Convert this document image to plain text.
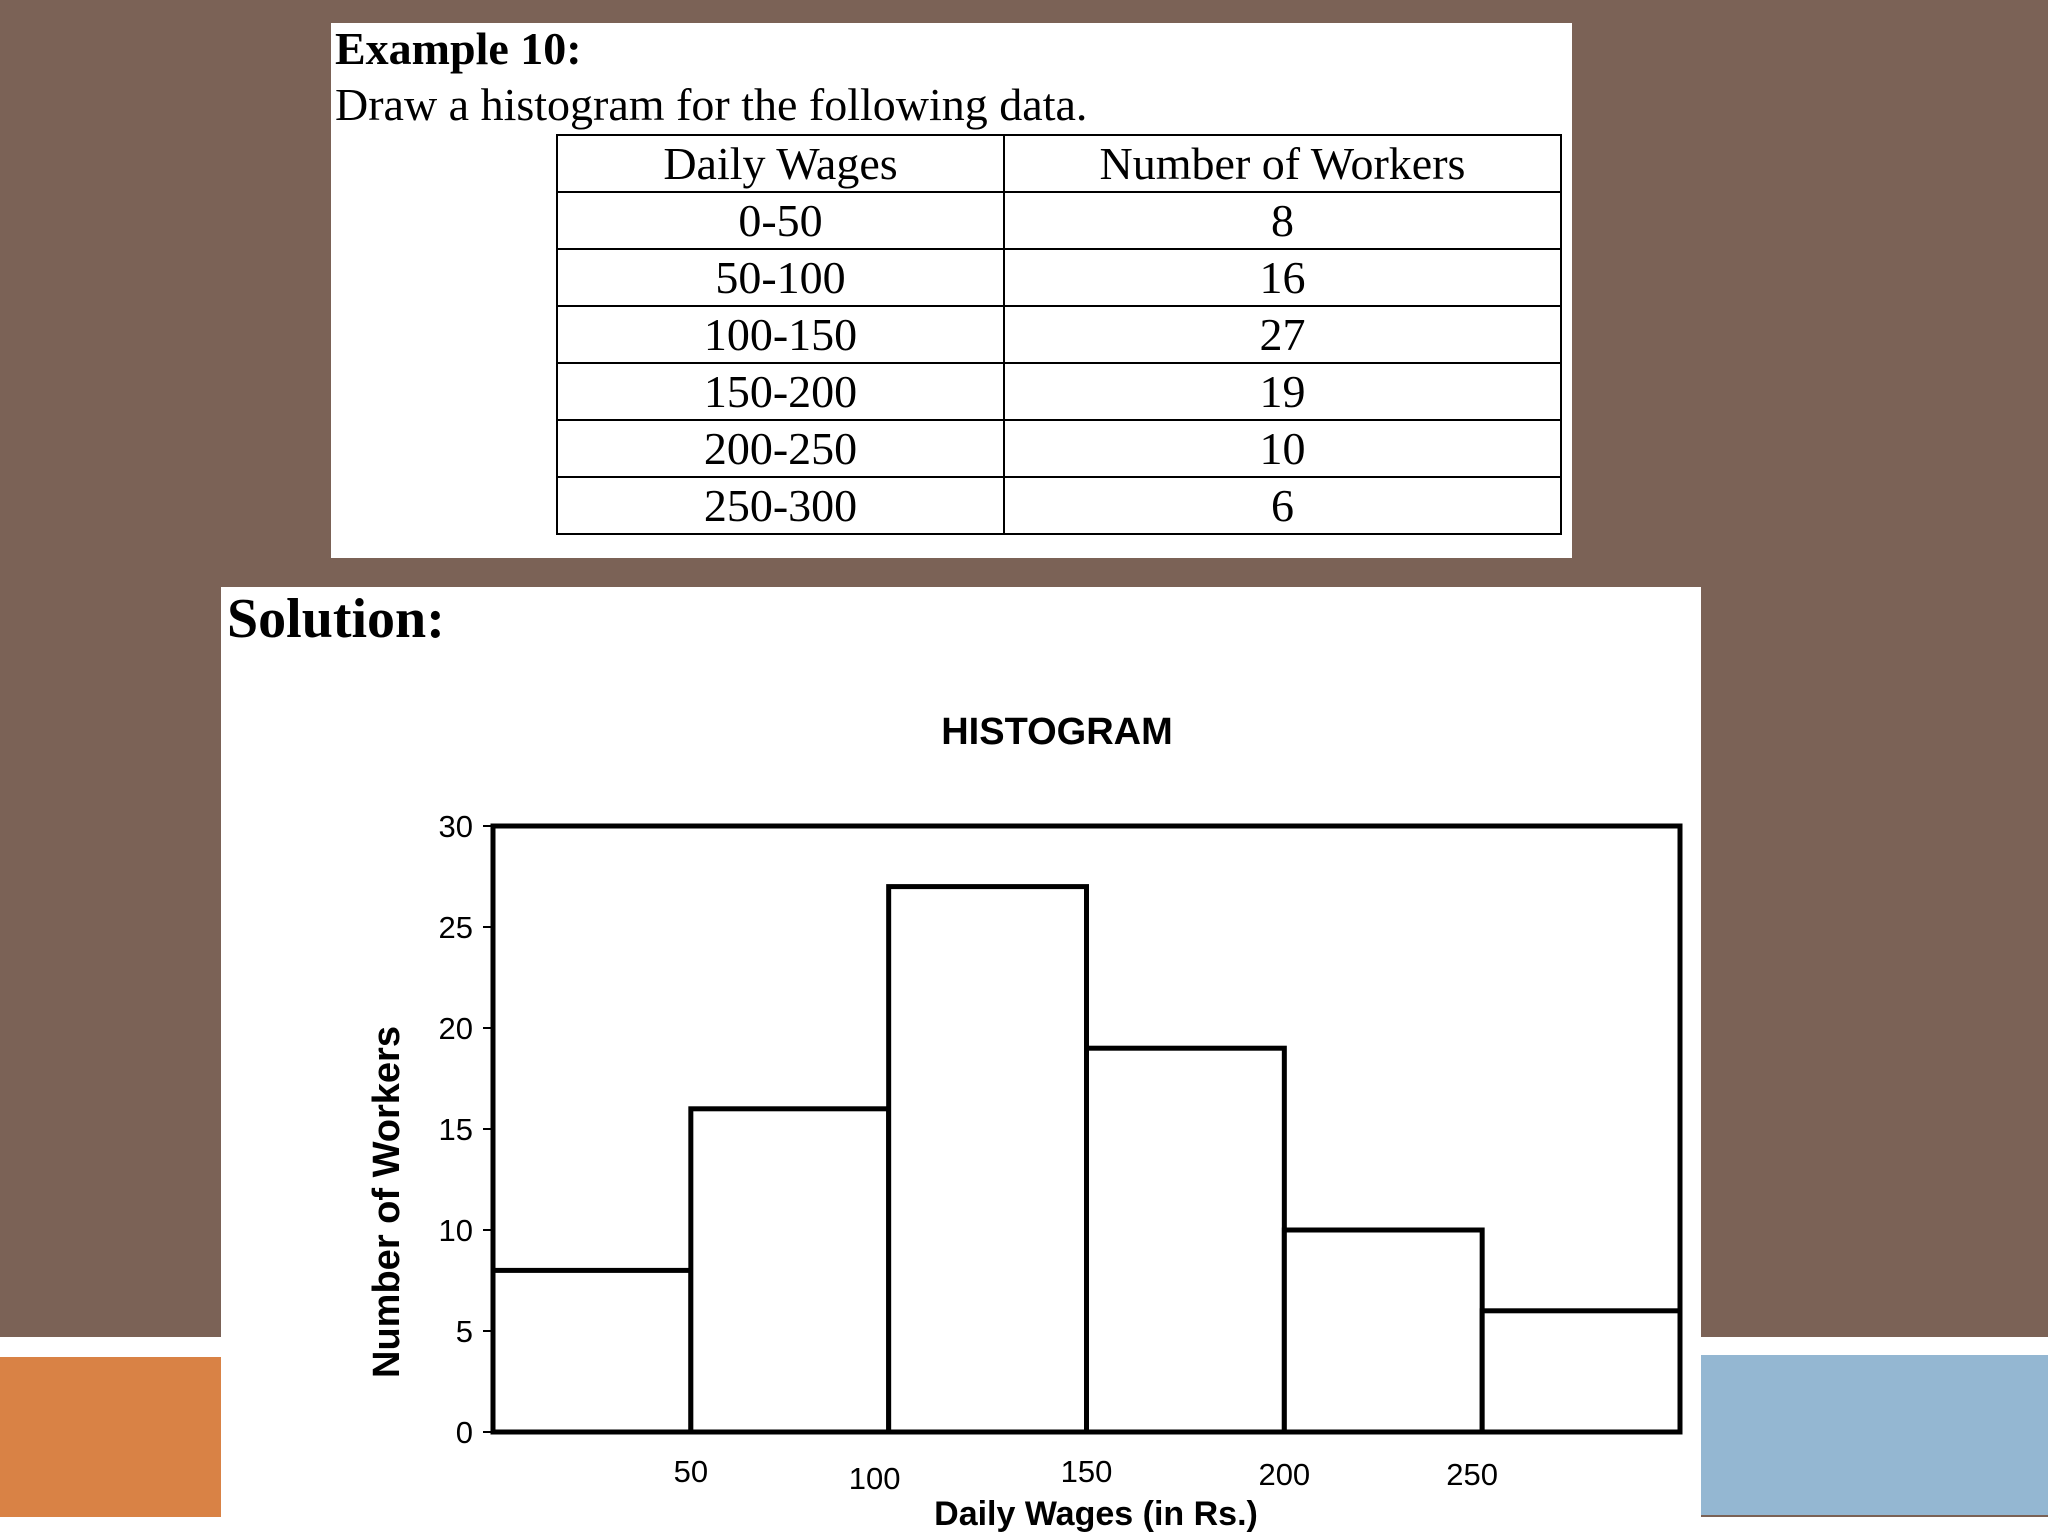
Example 10:
Draw a histogram for the following data.
Daily Wages	Number of Workers
0-50	8
50-100	16
100-150	27
150-200	19
200-250	10
250-300	6
Solution:
HISTOGRAM
Number of Workers
Daily Wages (in Rs.)
0
5
10
15
20
25
30
50	100	150	200	250
